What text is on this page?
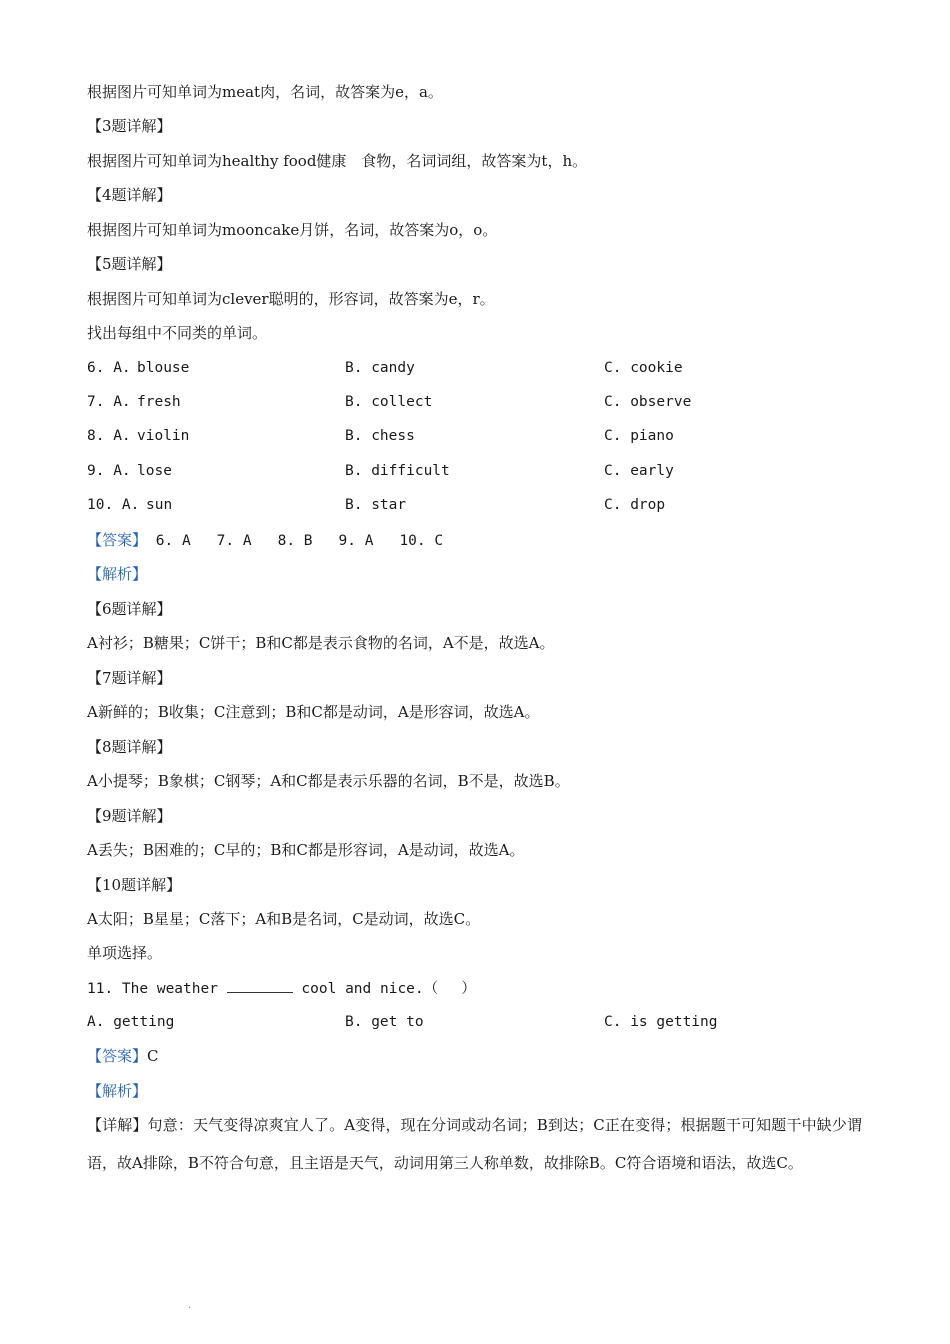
根据图片可知单词为meat肉，名词，故答案为e，a。
【3题详解】
根据图片可知单词为healthy food健康　食物，名词词组，故答案为t，h。
【4题详解】
根据图片可知单词为mooncake月饼，名词，故答案为o，o。
【5题详解】
根据图片可知单词为clever聪明的，形容词，故答案为e，r。
找出每组中不同类的单词。
6. A. blouse	B. candy	C. cookie
7. A. fresh	B. collect	C. observe
8. A. violin	B. chess	C. piano
9. A. lose	B. difficult	C. early
10. A. sun	B. star	C. drop
【答案】 6. A 7. A 8. B 9. A 10. C
【解析】
【6题详解】
A衬衫；B糖果；C饼干；B和C都是表示食物的名词，A不是，故选A。
【7题详解】
A新鲜的；B收集；C注意到；B和C都是动词，A是形容词，故选A。
【8题详解】
A小提琴；B象棋；C钢琴；A和C都是表示乐器的名词，B不是，故选B。
【9题详解】
A丢失；B困难的；C早的；B和C都是形容词，A是动词，故选A。
【10题详解】
A太阳；B星星；C落下；A和B是名词，C是动词，故选C。
单项选择。
11. The weather	cool and nice.（　 ）
A. getting	B. get to	C. is getting
【答案】C
【解析】
【详解】句意：天气变得凉爽宜人了。A变得，现在分词或动名词；B到达；C正在变得；根据题干可知题干中缺少谓语，故A排除，B不符合句意，且主语是天气，动词用第三人称单数，故排除B。C符合语境和语法，故选C。
·
